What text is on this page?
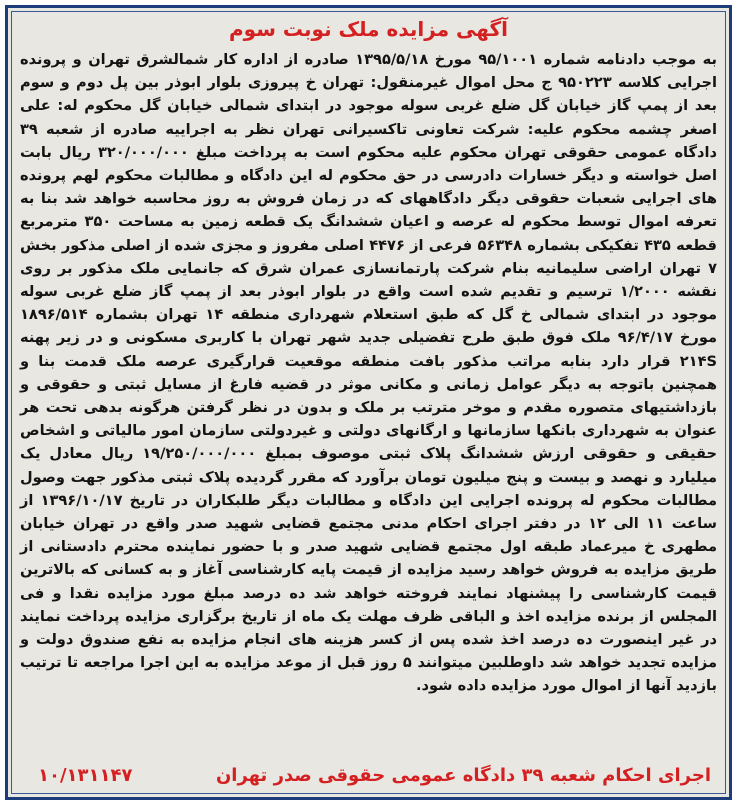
آگهی مزایده ملک نوبت سوم
به موجب دادنامه شماره ۹۵/۱۰۰۱ مورخ ۱۳۹۵/۵/۱۸ صادره از اداره کار شمالشرق تهران و پرونده اجرایی کلاسه ۹۵۰۲۲۳ ج محل اموال غیرمنقول: تهران خ پیروزی بلوار ابوذر بین پل دوم و سوم بعد از پمپ گاز خیابان گل ضلع غربی سوله موجود در ابتدای شمالی خیابان گل محکوم له: علی اصغر چشمه محکوم علیه: شرکت تعاونی تاکسیرانی تهران نظر به اجراییه صادره از شعبه ۳۹ دادگاه عمومی حقوقی تهران محکوم علیه محکوم است به پرداخت مبلغ ۳۲۰/۰۰۰/۰۰۰ ریال بابت اصل خواسته و دیگر خسارات دادرسی در حق محکوم له این دادگاه و مطالبات محکوم لهم پرونده های اجرایی شعبات حقوقی دیگر دادگاههای که در زمان فروش به روز محاسبه خواهد شد بنا به تعرفه اموال توسط محکوم له عرصه و اعیان ششدانگ یک قطعه زمین به مساحت ۳۵۰ مترمربع قطعه ۴۳۵ تفکیکی بشماره ۵۶۳۴۸ فرعی از ۴۴۷۶ اصلی مفروز و مجزی شده از اصلی مذکور بخش ۷ تهران اراضی سلیمانیه بنام شرکت پارتمانسازی عمران شرق که جانمایی ملک مذکور بر روی نقشه ۱/۲۰۰۰ ترسیم و تقدیم شده است واقع در بلوار ابوذر بعد از پمپ گاز ضلع غربی سوله موجود در ابتدای شمالی خ گل که طبق استعلام شهرداری منطقه ۱۴ تهران بشماره ۱۸۹۶/۵۱۴ مورخ ۹۶/۴/۱۷ ملک فوق طبق طرح تفضیلی جدید شهر تهران با کاربری مسکونی و در زیر پهنه ۲۱۴S قرار دارد بنابه مراتب مذکور بافت منطقه موقعیت قرارگیری عرصه ملک قدمت بنا و همچنین باتوجه به دیگر عوامل زمانی و مکانی موثر در قضیه فارغ از مسایل ثبتی و حقوقی و بازداشتیهای متصوره مقدم و موخر مترتب بر ملک و بدون در نظر گرفتن هرگونه بدهی تحت هر عنوان به شهرداری بانکها سازمانها و ارگانهای دولتی و غیردولتی سازمان امور مالیاتی و اشخاص حقیقی و حقوقی ارزش ششدانگ پلاک ثبتی موصوف بمبلغ ۱۹/۲۵۰/۰۰۰/۰۰۰ ریال معادل یک میلیارد و نهصد و بیست و پنج میلیون تومان برآورد که مقرر گردیده پلاک ثبتی مذکور جهت وصول مطالبات محکوم له پرونده اجرایی این دادگاه و مطالبات دیگر طلبکاران در تاریخ ۱۳۹۶/۱۰/۱۷ از ساعت ۱۱ الی ۱۲ در دفتر اجرای احکام مدنی مجتمع قضایی شهید صدر واقع در تهران خیابان مطهری خ میرعماد طبقه اول مجتمع قضایی شهید صدر و با حضور نماینده محترم دادستانی از طریق مزایده به فروش خواهد رسید مزایده از قیمت پایه کارشناسی آغاز و به کسانی که بالاترین قیمت کارشناسی را پیشنهاد نمایند فروخته خواهد شد ده درصد مبلغ مورد مزایده نقدا و فی المجلس از برنده مزایده اخذ و الباقی ظرف مهلت یک ماه از تاریخ برگزاری مزایده پرداخت نمایند در غیر اینصورت ده درصد اخذ شده پس از کسر هزینه های انجام مزایده به نفع صندوق دولت و مزایده تجدید خواهد شد داوطلبین میتوانند ۵ روز قبل از موعد مزایده به این اجرا مراجعه تا ترتیب بازدید آنها از اموال مورد مزایده داده شود.
اجرای احکام شعبه ۳۹ دادگاه عمومی حقوقی صدر تهران
۱۰/۱۳۱۱۴۷
